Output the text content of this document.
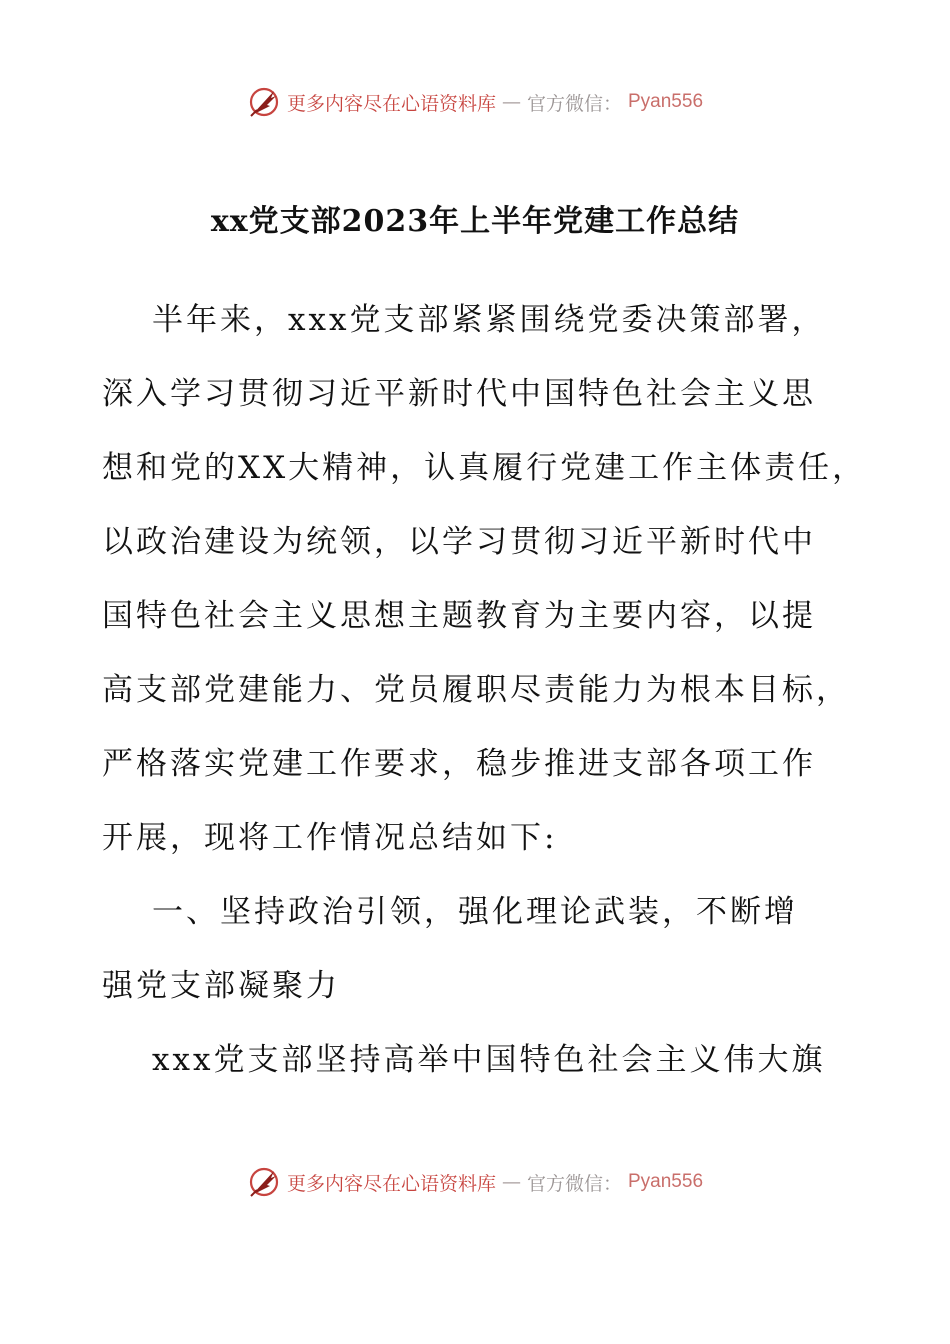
更多内容尽在心语资料库 — 官方微信： Pyan556
xx党支部2023年上半年党建工作总结
半年来，xxx党支部紧紧围绕党委决策部署，
深入学习贯彻习近平新时代中国特色社会主义思
想和党的XX大精神，认真履行党建工作主体责任，
以政治建设为统领，以学习贯彻习近平新时代中
国特色社会主义思想主题教育为主要内容，以提
高支部党建能力、党员履职尽责能力为根本目标，
严格落实党建工作要求，稳步推进支部各项工作
开展，现将工作情况总结如下:
一、坚持政治引领，强化理论武装，不断增
强党支部凝聚力
xxx党支部坚持高举中国特色社会主义伟大旗
更多内容尽在心语资料库 — 官方微信： Pyan556
